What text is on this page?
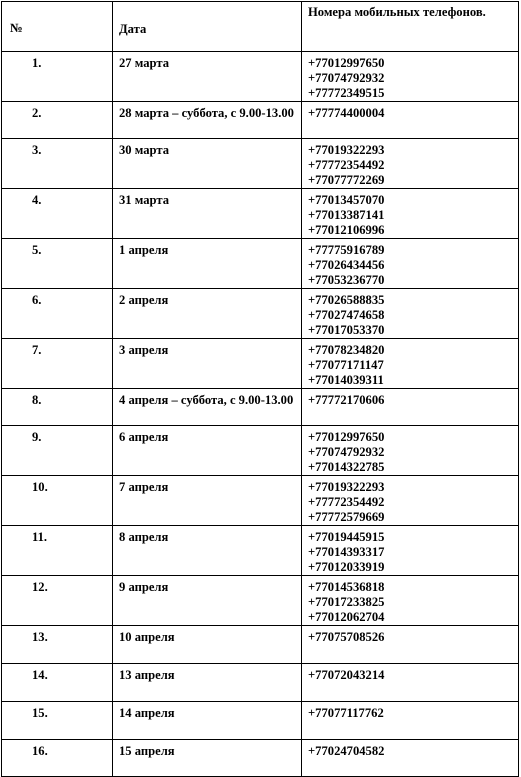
№	Дата	Номера мобильных телефонов.
1.	27 марта	+77012997650
+77074792932
+77772349515

2.	28 марта – суббота, с 9.00-13.00	+77774400004

3.	30 марта	+77019322293
+77772354492
+77077772269

4.	31 марта	+77013457070
+77013387141
+77012106996

5.	1 апреля	+77775916789
+77026434456
+77053236770

6.	2 апреля	+77026588835
+77027474658
+77017053370

7.	3 апреля	+77078234820
+77077171147
+77014039311

8.	4 апреля – суббота, с 9.00-13.00	+77772170606

9.	6 апреля	+77012997650
+77074792932
+77014322785

10.	7 апреля	+77019322293
+77772354492
+77772579669

11.	8 апреля	+77019445915
+77014393317
+77012033919

12.	9 апреля	+77014536818
+77017233825
+77012062704

13.	10 апреля	+77075708526

14.	13 апреля	+77072043214

15.	14 апреля	+77077117762

16.	15 апреля	+77024704582
